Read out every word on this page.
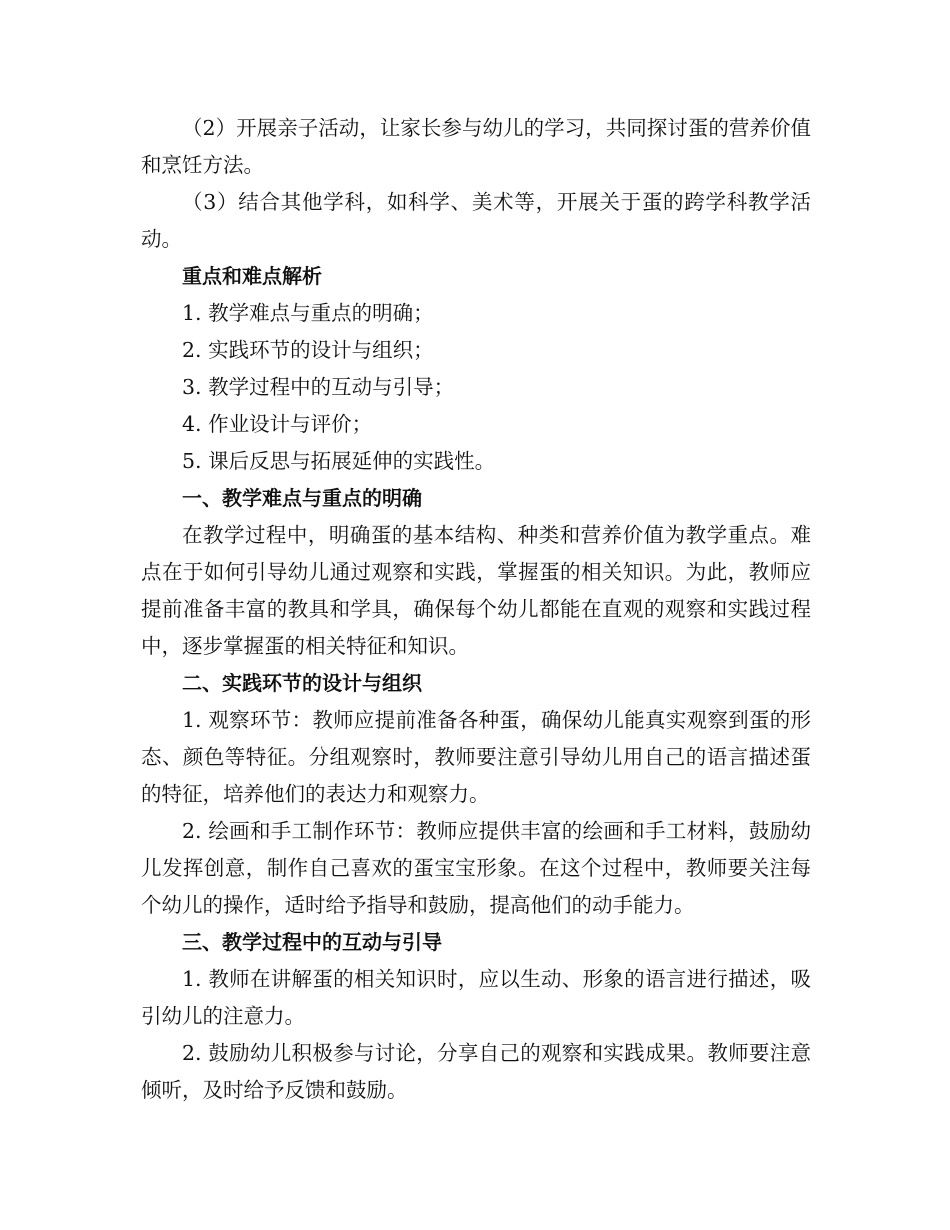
（2）开展亲子活动，让家长参与幼儿的学习，共同探讨蛋的营养价值和烹饪方法。

（3）结合其他学科，如科学、美术等，开展关于蛋的跨学科教学活动。

重点和难点解析

1. 教学难点与重点的明确；

2. 实践环节的设计与组织；

3. 教学过程中的互动与引导；

4. 作业设计与评价；

5. 课后反思与拓展延伸的实践性。

一、教学难点与重点的明确

在教学过程中，明确蛋的基本结构、种类和营养价值为教学重点。难点在于如何引导幼儿通过观察和实践，掌握蛋的相关知识。为此，教师应提前准备丰富的教具和学具，确保每个幼儿都能在直观的观察和实践过程中，逐步掌握蛋的相关特征和知识。

二、实践环节的设计与组织

1. 观察环节：教师应提前准备各种蛋，确保幼儿能真实观察到蛋的形态、颜色等特征。分组观察时，教师要注意引导幼儿用自己的语言描述蛋的特征，培养他们的表达力和观察力。

2. 绘画和手工制作环节：教师应提供丰富的绘画和手工材料，鼓励幼儿发挥创意，制作自己喜欢的蛋宝宝形象。在这个过程中，教师要关注每个幼儿的操作，适时给予指导和鼓励，提高他们的动手能力。

三、教学过程中的互动与引导

1. 教师在讲解蛋的相关知识时，应以生动、形象的语言进行描述，吸引幼儿的注意力。

2. 鼓励幼儿积极参与讨论，分享自己的观察和实践成果。教师要注意倾听，及时给予反馈和鼓励。
